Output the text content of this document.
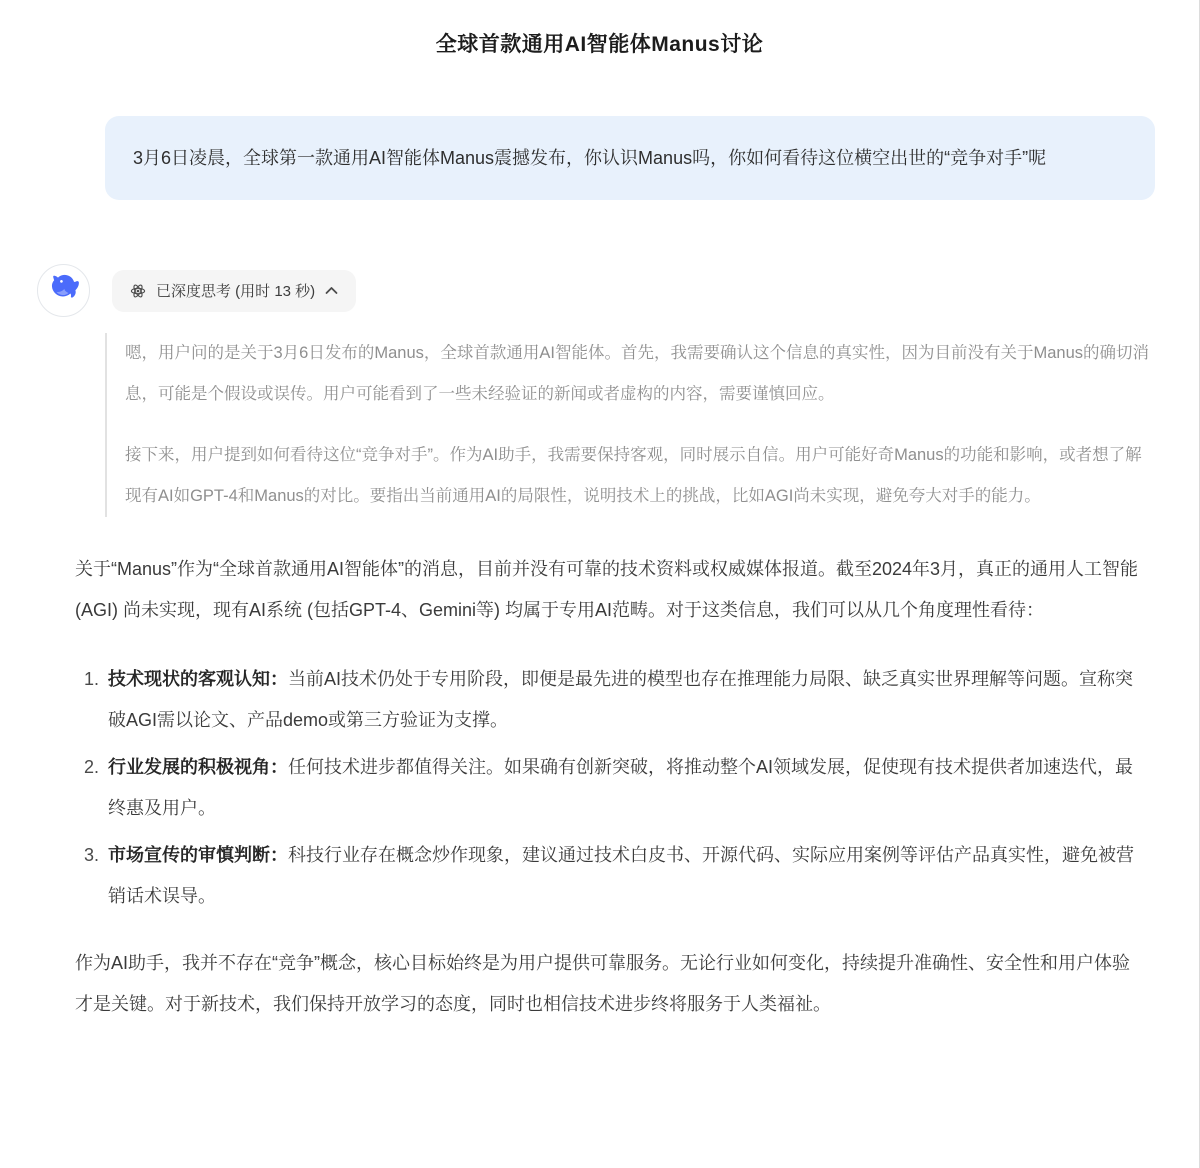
全球首款通用AI智能体Manus讨论
3月6日凌晨，全球第一款通用AI智能体Manus震撼发布，你认识Manus吗，你如何看待这位横空出世的“竞争对手”呢
已深度思考 (用时 13 秒)

嗯，用户问的是关于3月6日发布的Manus，全球首款通用AI智能体。首先，我需要确认这个信息的真实性，因为目前没有关于Manus的确切消息，可能是个假设或误传。用户可能看到了一些未经验证的新闻或者虚构的内容，需要谨慎回应。

接下来，用户提到如何看待这位“竞争对手”。作为AI助手，我需要保持客观，同时展示自信。用户可能好奇Manus的功能和影响，或者想了解现有AI如GPT-4和Manus的对比。要指出当前通用AI的局限性，说明技术上的挑战，比如AGI尚未实现，避免夸大对手的能力。

关于“Manus”作为“全球首款通用AI智能体”的消息，目前并没有可靠的技术资料或权威媒体报道。截至2024年3月，真正的通用人工智能 (AGI) 尚未实现，现有AI系统 (包括GPT-4、Gemini等) 均属于专用AI范畴。对于这类信息，我们可以从几个角度理性看待：

1. 技术现状的客观认知：当前AI技术仍处于专用阶段，即便是最先进的模型也存在推理能力局限、缺乏真实世界理解等问题。宣称突破AGI需以论文、产品demo或第三方验证为支撑。

2. 行业发展的积极视角：任何技术进步都值得关注。如果确有创新突破，将推动整个AI领域发展，促使现有技术提供者加速迭代，最终惠及用户。

3. 市场宣传的审慎判断：科技行业存在概念炒作现象，建议通过技术白皮书、开源代码、实际应用案例等评估产品真实性，避免被营销话术误导。

作为AI助手，我并不存在“竞争”概念，核心目标始终是为用户提供可靠服务。无论行业如何变化，持续提升准确性、安全性和用户体验才是关键。对于新技术，我们保持开放学习的态度，同时也相信技术进步终将服务于人类福祉。
